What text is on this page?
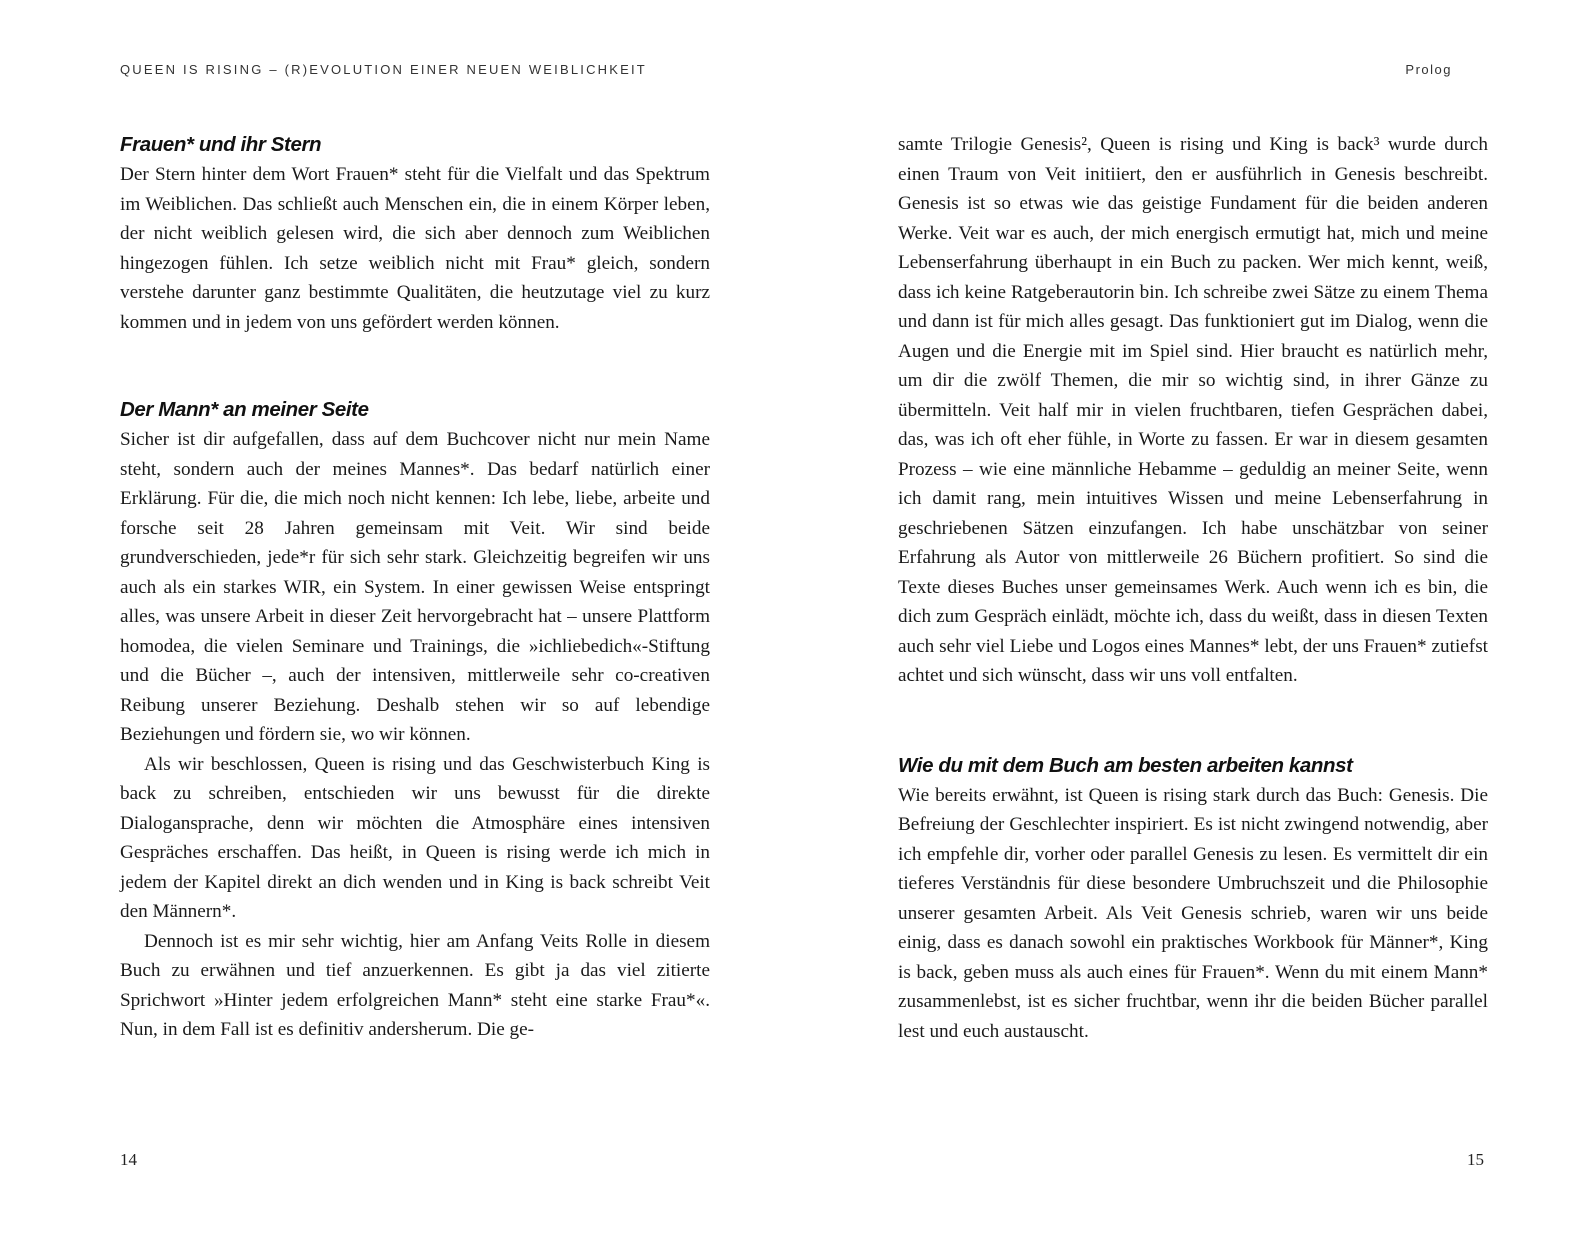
QUEEN IS RISING – (R)EVOLUTION EINER NEUEN WEIBLICHKEIT	Prolog
Frauen* und ihr Stern

Der Stern hinter dem Wort Frauen* steht für die Vielfalt und das Spektrum im Weiblichen. Das schließt auch Menschen ein, die in einem Körper leben, der nicht weiblich gelesen wird, die sich aber dennoch zum Weiblichen hingezogen fühlen. Ich setze weiblich nicht mit Frau* gleich, sondern verstehe darunter ganz bestimmte Qualitäten, die heutzutage viel zu kurz kommen und in jedem von uns gefördert werden können.

Der Mann* an meiner Seite

Sicher ist dir aufgefallen, dass auf dem Buchcover nicht nur mein Name steht, sondern auch der meines Mannes*. Das bedarf natürlich einer Erklärung. Für die, die mich noch nicht kennen: Ich lebe, liebe, arbeite und forsche seit 28 Jahren gemeinsam mit Veit. Wir sind beide grundverschieden, jede*r für sich sehr stark. Gleichzeitig begreifen wir uns auch als ein starkes WIR, ein System. In einer gewissen Weise entspringt alles, was unsere Arbeit in dieser Zeit hervorgebracht hat – unsere Plattform homodea, die vielen Seminare und Trainings, die »ichliebedich«-Stiftung und die Bücher –, auch der intensiven, mittlerweile sehr co-creativen Reibung unserer Beziehung. Deshalb stehen wir so auf lebendige Beziehungen und fördern sie, wo wir können.

Als wir beschlossen, Queen is rising und das Geschwisterbuch King is back zu schreiben, entschieden wir uns bewusst für die direkte Dialogansprache, denn wir möchten die Atmosphäre eines intensiven Gespräches erschaffen. Das heißt, in Queen is rising werde ich mich in jedem der Kapitel direkt an dich wenden und in King is back schreibt Veit den Männern*.

Dennoch ist es mir sehr wichtig, hier am Anfang Veits Rolle in diesem Buch zu erwähnen und tief anzuerkennen. Es gibt ja das viel zitierte Sprichwort »Hinter jedem erfolgreichen Mann* steht eine starke Frau*«. Nun, in dem Fall ist es definitiv andersherum. Die ge-

samte Trilogie Genesis², Queen is rising und King is back³ wurde durch einen Traum von Veit initiiert, den er ausführlich in Genesis beschreibt. Genesis ist so etwas wie das geistige Fundament für die beiden anderen Werke. Veit war es auch, der mich energisch ermutigt hat, mich und meine Lebenserfahrung überhaupt in ein Buch zu packen. Wer mich kennt, weiß, dass ich keine Ratgeberautorin bin. Ich schreibe zwei Sätze zu einem Thema und dann ist für mich alles gesagt. Das funktioniert gut im Dialog, wenn die Augen und die Energie mit im Spiel sind. Hier braucht es natürlich mehr, um dir die zwölf Themen, die mir so wichtig sind, in ihrer Gänze zu übermitteln. Veit half mir in vielen fruchtbaren, tiefen Gesprächen dabei, das, was ich oft eher fühle, in Worte zu fassen. Er war in diesem gesamten Prozess – wie eine männliche Hebamme – geduldig an meiner Seite, wenn ich damit rang, mein intuitives Wissen und meine Lebenserfahrung in geschriebenen Sätzen einzufangen. Ich habe unschätzbar von seiner Erfahrung als Autor von mittlerweile 26 Büchern profitiert. So sind die Texte dieses Buches unser gemeinsames Werk. Auch wenn ich es bin, die dich zum Gespräch einlädt, möchte ich, dass du weißt, dass in diesen Texten auch sehr viel Liebe und Logos eines Mannes* lebt, der uns Frauen* zutiefst achtet und sich wünscht, dass wir uns voll entfalten.

Wie du mit dem Buch am besten arbeiten kannst

Wie bereits erwähnt, ist Queen is rising stark durch das Buch: Genesis. Die Befreiung der Geschlechter inspiriert. Es ist nicht zwingend notwendig, aber ich empfehle dir, vorher oder parallel Genesis zu lesen. Es vermittelt dir ein tieferes Verständnis für diese besondere Umbruchszeit und die Philosophie unserer gesamten Arbeit. Als Veit Genesis schrieb, waren wir uns beide einig, dass es danach sowohl ein praktisches Workbook für Männer*, King is back, geben muss als auch eines für Frauen*. Wenn du mit einem Mann* zusammenlebst, ist es sicher fruchtbar, wenn ihr die beiden Bücher parallel lest und euch austauscht.

14	15
